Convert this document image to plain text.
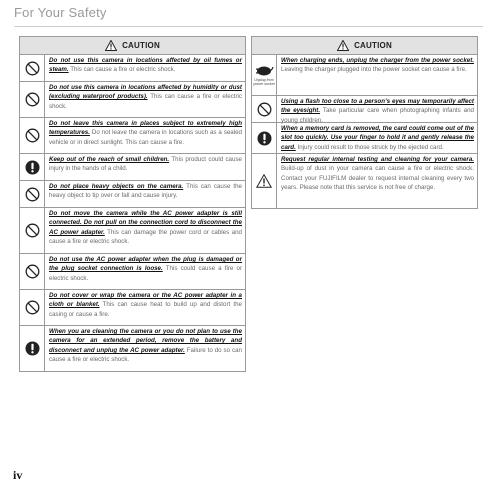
For Your Safety
CAUTION
Do not use this camera in locations affected by oil fumes or steam. This can cause a fire or electric shock.
Do not use this camera in locations affected by humidity or dust (excluding waterproof products). This can cause a fire or electric shock.
Do not leave this camera in places subject to extremely high temperatures. Do not leave the camera in locations such as a sealed vehicle or in direct sunlight. This can cause a fire.
Keep out of the reach of small children. This product could cause injury in the hands of a child.
Do not place heavy objects on the camera. This can cause the heavy object to tip over or fall and cause injury.
Do not move the camera while the AC power adapter is still connected. Do not pull on the connection cord to disconnect the AC power adapter. This can damage the power cord or cables and cause a fire or electric shock.
Do not use the AC power adapter when the plug is damaged or the plug socket connection is loose. This could cause a fire or electric shock.
Do not cover or wrap the camera or the AC power adapter in a cloth or blanket. This can cause heat to build up and distort the casing or cause a fire.
When you are cleaning the camera or you do not plan to use the camera for an extended period, remove the battery and disconnect and unplug the AC power adapter. Failure to do so can cause a fire or electric shock.
CAUTION
Unplug from power socket
When charging ends, unplug the charger from the power socket. Leaving the charger plugged into the power socket can cause a fire.
Using a flash too close to a person’s eyes may temporarily affect the eyesight. Take particular care when photographing infants and young children.
When a memory card is removed, the card could come out of the slot too quickly. Use your finger to hold it and gently release the card. Injury could result to those struck by the ejected card.
Request regular internal testing and cleaning for your camera. Build-up of dust in your camera can cause a fire or electric shock. Contact your FUJIFILM dealer to request internal cleaning every two years. Please note that this service is not free of charge.
iv
